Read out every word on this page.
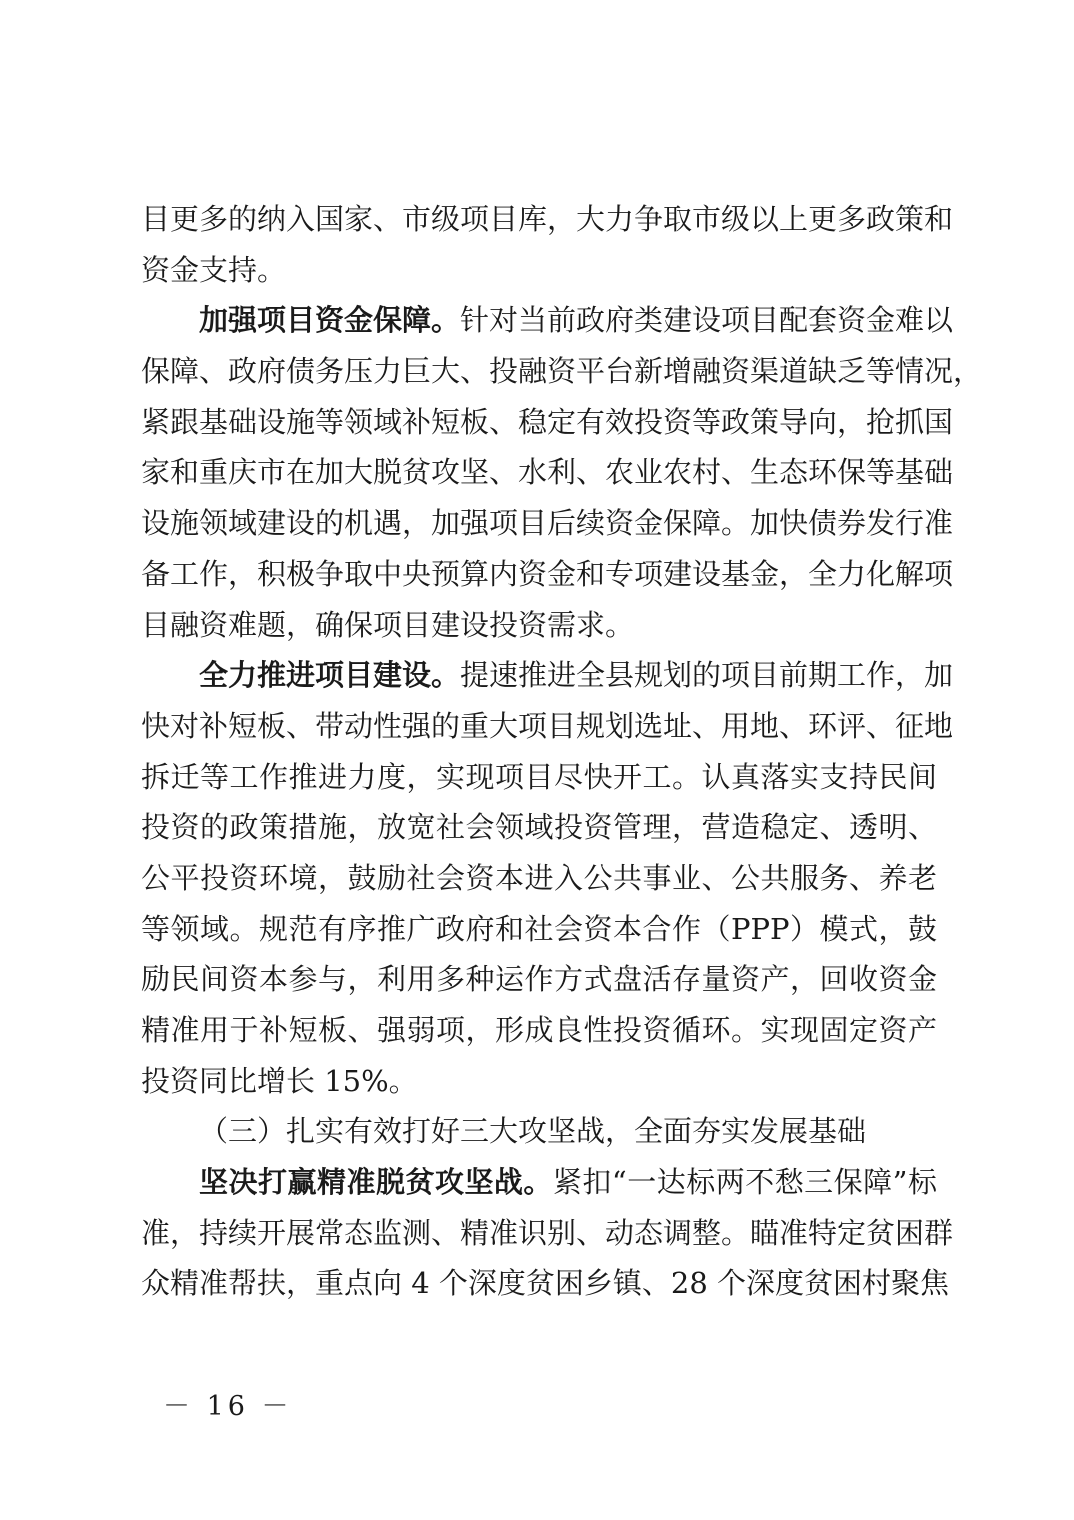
目更多的纳入国家、市级项目库，大力争取市级以上更多政策和
资金支持。
加强项目资金保障。针对当前政府类建设项目配套资金难以
保障、政府债务压力巨大、投融资平台新增融资渠道缺乏等情况，
紧跟基础设施等领域补短板、稳定有效投资等政策导向，抢抓国
家和重庆市在加大脱贫攻坚、水利、农业农村、生态环保等基础
设施领域建设的机遇，加强项目后续资金保障。加快债券发行准
备工作，积极争取中央预算内资金和专项建设基金，全力化解项
目融资难题，确保项目建设投资需求。
全力推进项目建设。提速推进全县规划的项目前期工作，加
快对补短板、带动性强的重大项目规划选址、用地、环评、征地
拆迁等工作推进力度，实现项目尽快开工。认真落实支持民间
投资的政策措施，放宽社会领域投资管理，营造稳定、透明、
公平投资环境，鼓励社会资本进入公共事业、公共服务、养老
等领域。规范有序推广政府和社会资本合作（PPP）模式，鼓
励民间资本参与，利用多种运作方式盘活存量资产，回收资金
精准用于补短板、强弱项，形成良性投资循环。实现固定资产
投资同比增长 15%。
（三）扎实有效打好三大攻坚战，全面夯实发展基础
坚决打赢精准脱贫攻坚战。紧扣“一达标两不愁三保障”标
准，持续开展常态监测、精准识别、动态调整。瞄准特定贫困群
众精准帮扶，重点向 4 个深度贫困乡镇、28 个深度贫困村聚焦
－ 16 －
